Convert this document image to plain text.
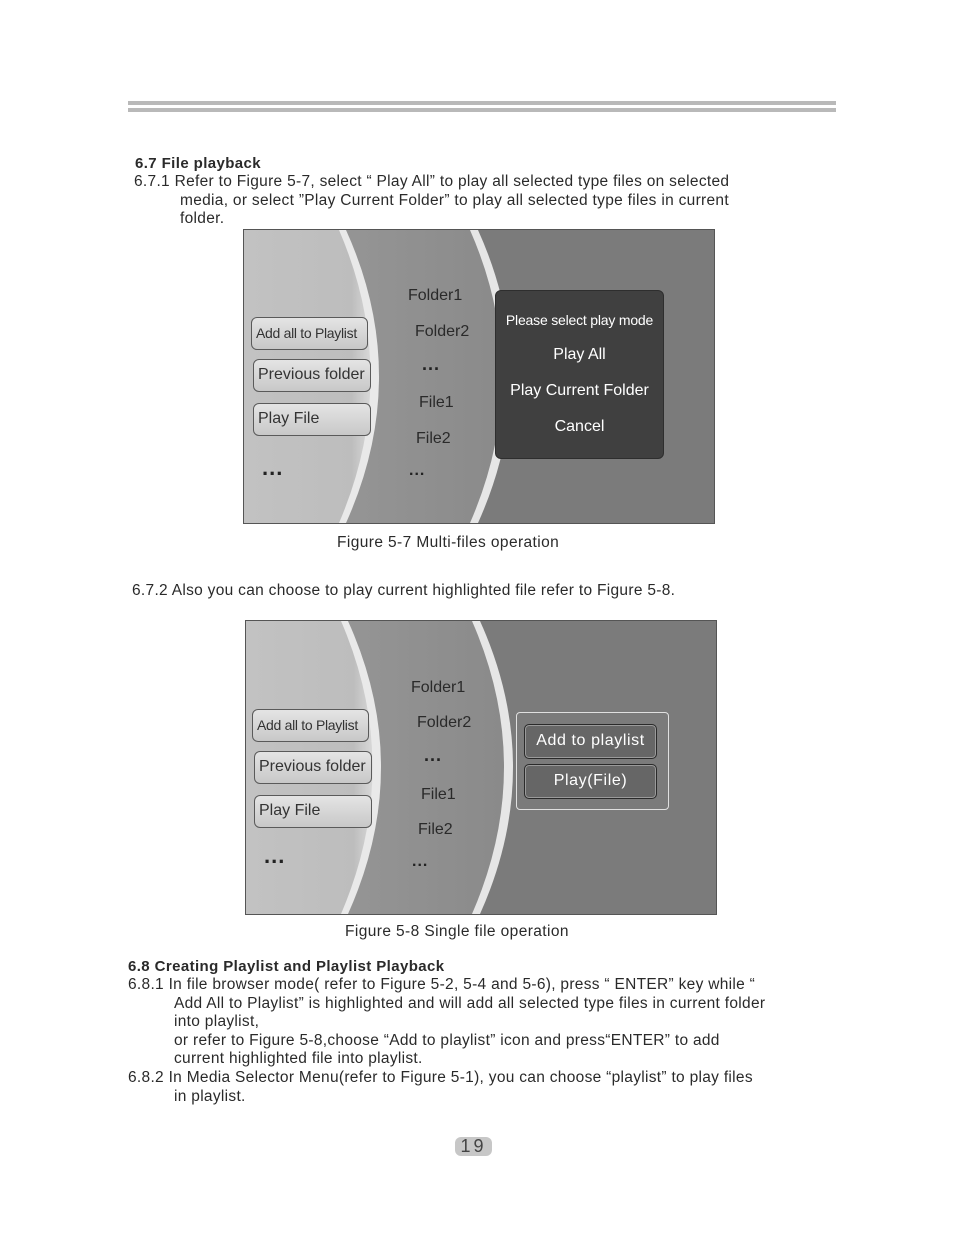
6.7 File playback
6.7.1 Refer to Figure 5-7, select “ Play All” to play all selected type files on selected
media, or select ”Play Current Folder” to play all selected type files in current
folder.
Add all to Playlist
Previous folder
Play File
...
Folder1
Folder2
...
File1
File2
...
Please select play mode
Play All
Play Current Folder
Cancel
Figure 5-7 Multi-files operation
6.7.2 Also you can choose to play current highlighted file refer to Figure 5-8.
Add all to Playlist
Previous folder
Play File
...
Folder1
Folder2
...
File1
File2
...
Add to playlist
Play(File)
Figure 5-8 Single file operation
6.8 Creating Playlist and Playlist Playback
6.8.1 In file browser mode( refer to Figure 5-2, 5-4 and 5-6), press “ ENTER” key while “
Add All to Playlist” is highlighted and will add all selected type files in current folder
into playlist,
or refer to Figure 5-8,choose “Add to playlist” icon and press“ENTER” to add
current highlighted file into playlist.
6.8.2 In Media Selector Menu(refer to Figure 5-1), you can choose “playlist” to play files
in playlist.
19
